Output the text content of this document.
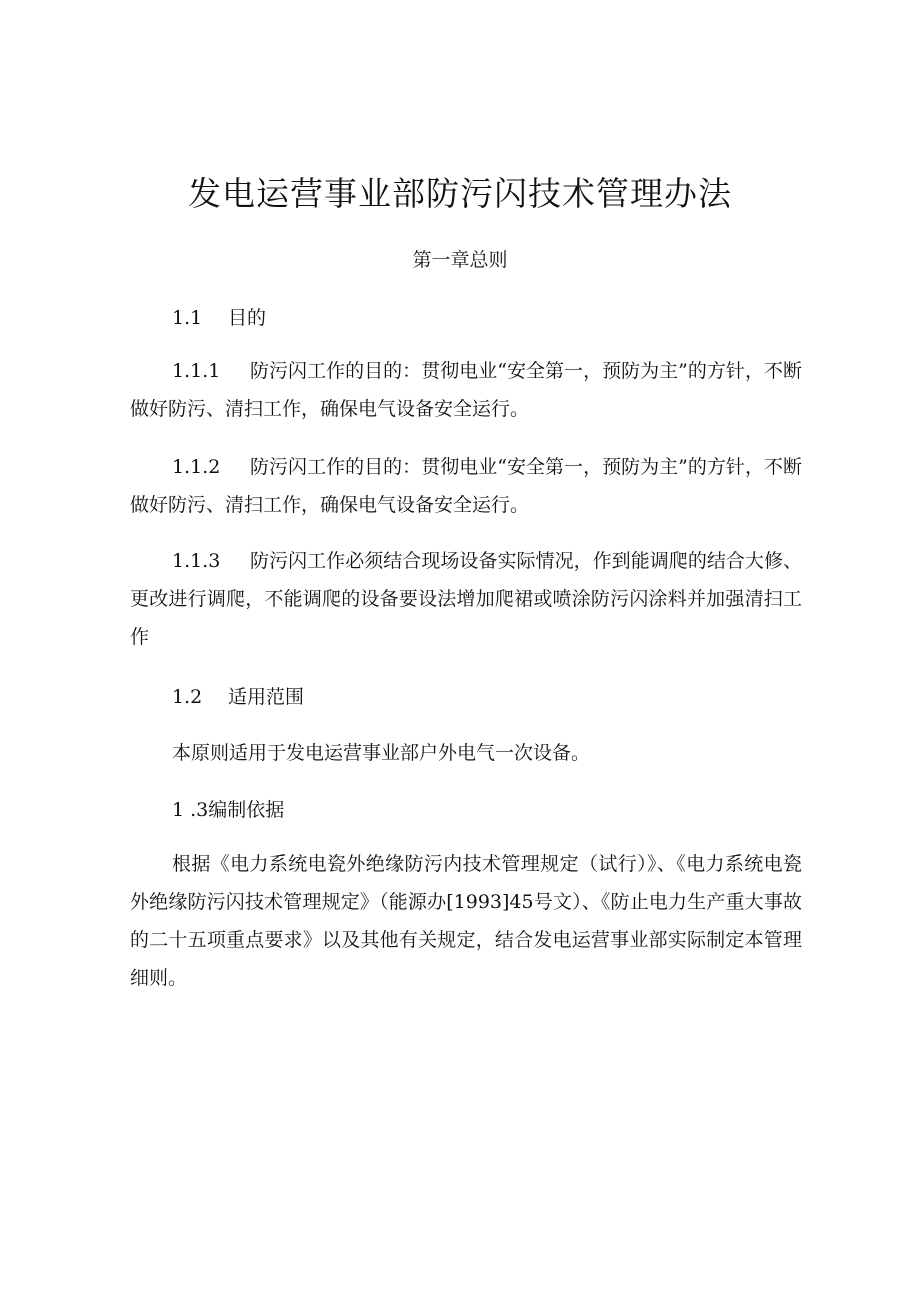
发电运营事业部防污闪技术管理办法
第一章总则
1.1 目的
1.1.1 防污闪工作的目的：贯彻电业“安全第一，预防为主”的方针，不断做好防污、清扫工作，确保电气设备安全运行。
1.1.2 防污闪工作的目的：贯彻电业“安全第一，预防为主”的方针，不断做好防污、清扫工作，确保电气设备安全运行。
1.1.3 防污闪工作必须结合现场设备实际情况，作到能调爬的结合大修、更改进行调爬，不能调爬的设备要设法增加爬裙或喷涂防污闪涂料并加强清扫工作
1.2 适用范围
本原则适用于发电运营事业部户外电气一次设备。
1 .3编制依据
根据《电力系统电瓷外绝缘防污内技术管理规定（试行）》、《电力系统电瓷外绝缘防污闪技术管理规定》（能源办[1993]45号文）、《防止电力生产重大事故的二十五项重点要求》以及其他有关规定，结合发电运营事业部实际制定本管理细则。
